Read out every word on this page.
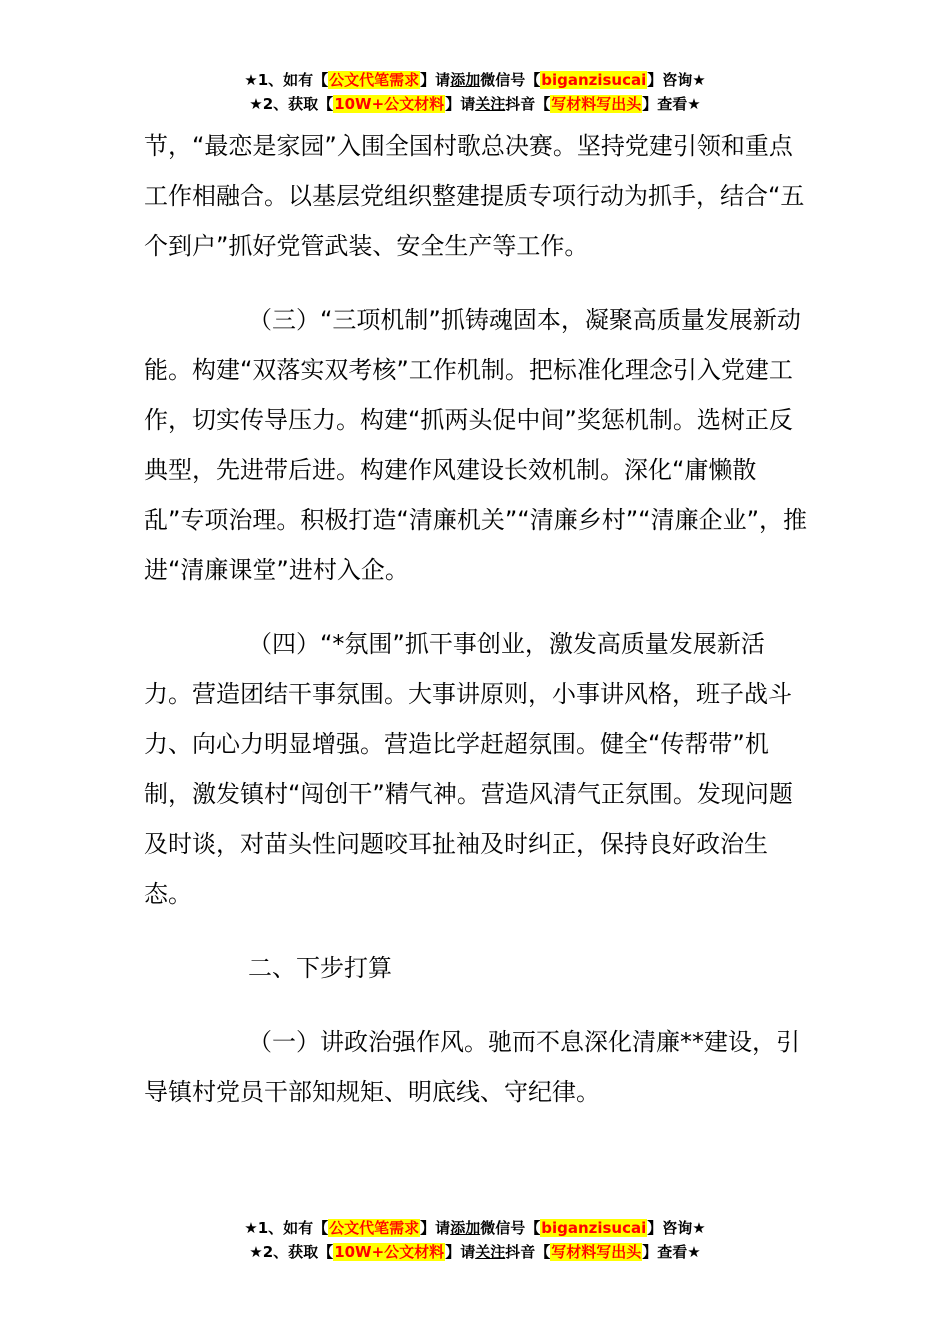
★1、如有【公文代笔需求】请添加微信号【biganzisucai】咨询★
★2、获取【10W+公文材料】请关注抖音【写材料写出头】查看★

节，“最恋是家园”入围全国村歌总决赛。坚持党建引领和重点工作相融合。以基层党组织整建提质专项行动为抓手，结合“五个到户”抓好党管武装、安全生产等工作。

（三）“三项机制”抓铸魂固本，凝聚高质量发展新动能。构建“双落实双考核”工作机制。把标准化理念引入党建工作，切实传导压力。构建“抓两头促中间”奖惩机制。选树正反典型，先进带后进。构建作风建设长效机制。深化“庸懒散乱”专项治理。积极打造“清廉机关”“清廉乡村”“清廉企业”，推进“清廉课堂”进村入企。

（四）“*氛围”抓干事创业，激发高质量发展新活力。营造团结干事氛围。大事讲原则，小事讲风格，班子战斗力、向心力明显增强。营造比学赶超氛围。健全“传帮带”机制，激发镇村“闯创干”精气神。营造风清气正氛围。发现问题及时谈，对苗头性问题咬耳扯袖及时纠正，保持良好政治生态。

二、下步打算

（一）讲政治强作风。驰而不息深化清廉**建设，引导镇村党员干部知规矩、明底线、守纪律。

★1、如有【公文代笔需求】请添加微信号【biganzisucai】咨询★
★2、获取【10W+公文材料】请关注抖音【写材料写出头】查看★
